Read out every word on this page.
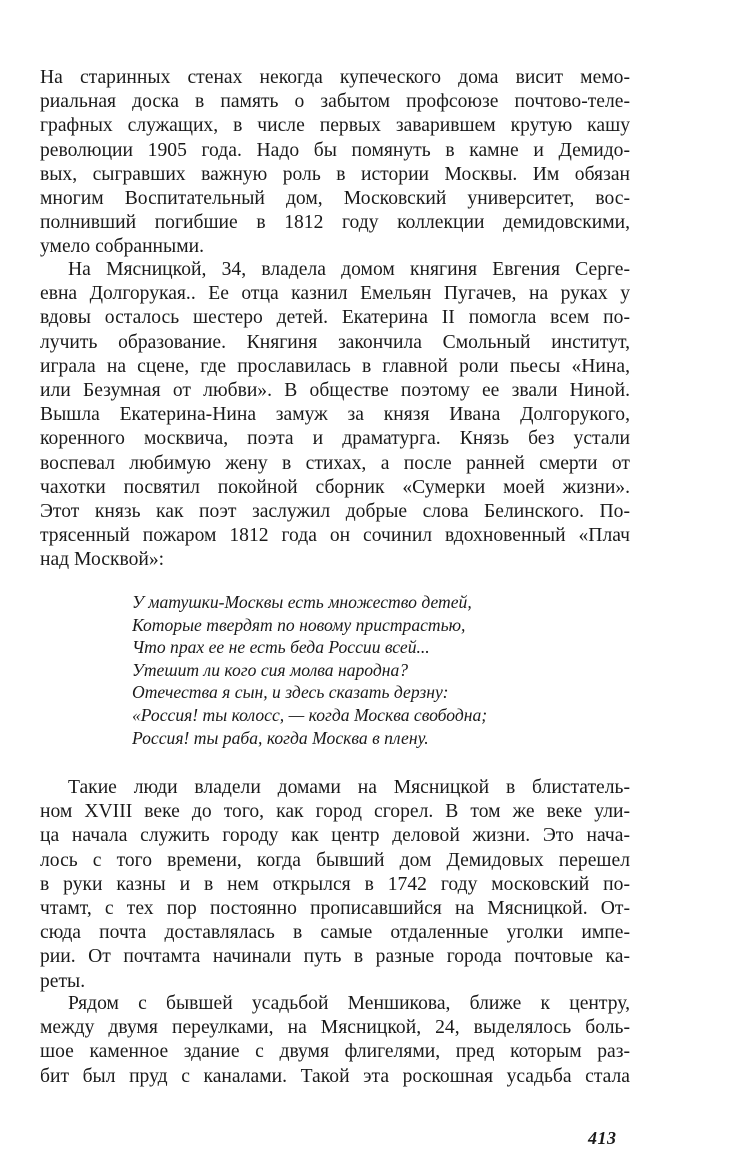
На старинных стенах некогда купеческого дома висит мемо-
риальная доска в память о забытом профсоюзе почтово-теле-
графных служащих, в числе первых заварившем крутую кашу
революции 1905 года. Надо бы помянуть в камне и Демидо-
вых, сыгравших важную роль в истории Москвы. Им обязан
многим Воспитательный дом, Московский университет, вос-
полнивший погибшие в 1812 году коллекции демидовскими,
умело собранными.
На Мясницкой, 34, владела домом княгиня Евгения Серге-
евна Долгорукая.. Ее отца казнил Емельян Пугачев, на руках у
вдовы осталось шестеро детей. Екатерина II помогла всем по-
лучить образование. Княгиня закончила Смольный институт,
играла на сцене, где прославилась в главной роли пьесы «Нина,
или Безумная от любви». В обществе поэтому ее звали Ниной.
Вышла Екатерина-Нина замуж за князя Ивана Долгорукого,
коренного москвича, поэта и драматурга. Князь без устали
воспевал любимую жену в стихах, а после ранней смерти от
чахотки посвятил покойной сборник «Сумерки моей жизни».
Этот князь как поэт заслужил добрые слова Белинского. По-
трясенный пожаром 1812 года он сочинил вдохновенный «Плач
над Москвой»:
У матушки-Москвы есть множество детей,
Которые твердят по новому пристрастью,
Что прах ее не есть беда России всей...
Утешит ли кого сия молва народна?
Отечества я сын, и здесь сказать дерзну:
«Россия! ты колосс, — когда Москва свободна;
Россия! ты раба, когда Москва в плену.
Такие люди владели домами на Мясницкой в блистатель-
ном XVIII веке до того, как город сгорел. В том же веке ули-
ца начала служить городу как центр деловой жизни. Это нача-
лось с того времени, когда бывший дом Демидовых перешел
в руки казны и в нем открылся в 1742 году московский по-
чтамт, с тех пор постоянно прописавшийся на Мясницкой. От-
сюда почта доставлялась в самые отдаленные уголки импе-
рии. От почтамта начинали путь в разные города почтовые ка-
реты.
Рядом с бывшей усадьбой Меншикова, ближе к центру,
между двумя переулками, на Мясницкой, 24, выделялось боль-
шое каменное здание с двумя флигелями, пред которым раз-
бит был пруд с каналами. Такой эта роскошная усадьба стала
413
